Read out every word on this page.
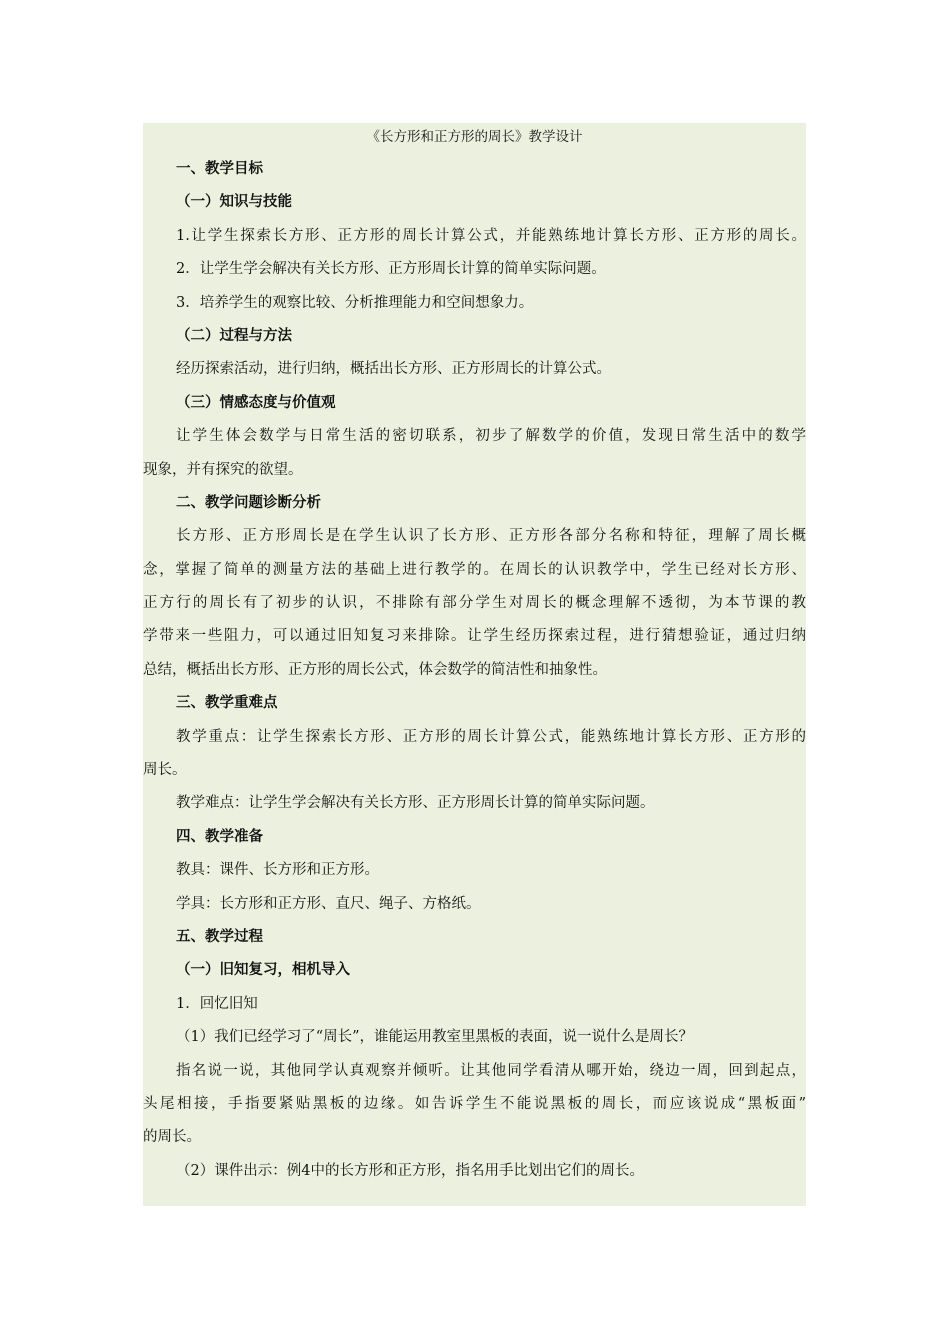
《长方形和正方形的周长》教学设计
一、教学目标
（一）知识与技能
1.让学生探索长方形、正方形的周长计算公式，并能熟练地计算长方形、正方形的周长。
2．让学生学会解决有关长方形、正方形周长计算的简单实际问题。
3．培养学生的观察比较、分析推理能力和空间想象力。
（二）过程与方法
经历探索活动，进行归纳，概括出长方形、正方形周长的计算公式。
（三）情感态度与价值观
让学生体会数学与日常生活的密切联系，初步了解数学的价值，发现日常生活中的数学
现象，并有探究的欲望。
二、教学问题诊断分析
长方形、正方形周长是在学生认识了长方形、正方形各部分名称和特征，理解了周长概
念，掌握了简单的测量方法的基础上进行教学的。在周长的认识教学中，学生已经对长方形、
正方行的周长有了初步的认识，不排除有部分学生对周长的概念理解不透彻，为本节课的教
学带来一些阻力，可以通过旧知复习来排除。让学生经历探索过程，进行猜想验证，通过归纳
总结，概括出长方形、正方形的周长公式，体会数学的简洁性和抽象性。
三、教学重难点
教学重点：让学生探索长方形、正方形的周长计算公式，能熟练地计算长方形、正方形的
周长。
教学难点：让学生学会解决有关长方形、正方形周长计算的简单实际问题。
四、教学准备
教具：课件、长方形和正方形。
学具：长方形和正方形、直尺、绳子、方格纸。
五、教学过程
（一）旧知复习，相机导入
1．回忆旧知
（1）我们已经学习了“周长”，谁能运用教室里黑板的表面，说一说什么是周长？
指名说一说，其他同学认真观察并倾听。让其他同学看清从哪开始，绕边一周，回到起点，
头尾相接，手指要紧贴黑板的边缘。如告诉学生不能说黑板的周长，而应该说成“黑板面”
的周长。
（2）课件出示：例4中的长方形和正方形，指名用手比划出它们的周长。
